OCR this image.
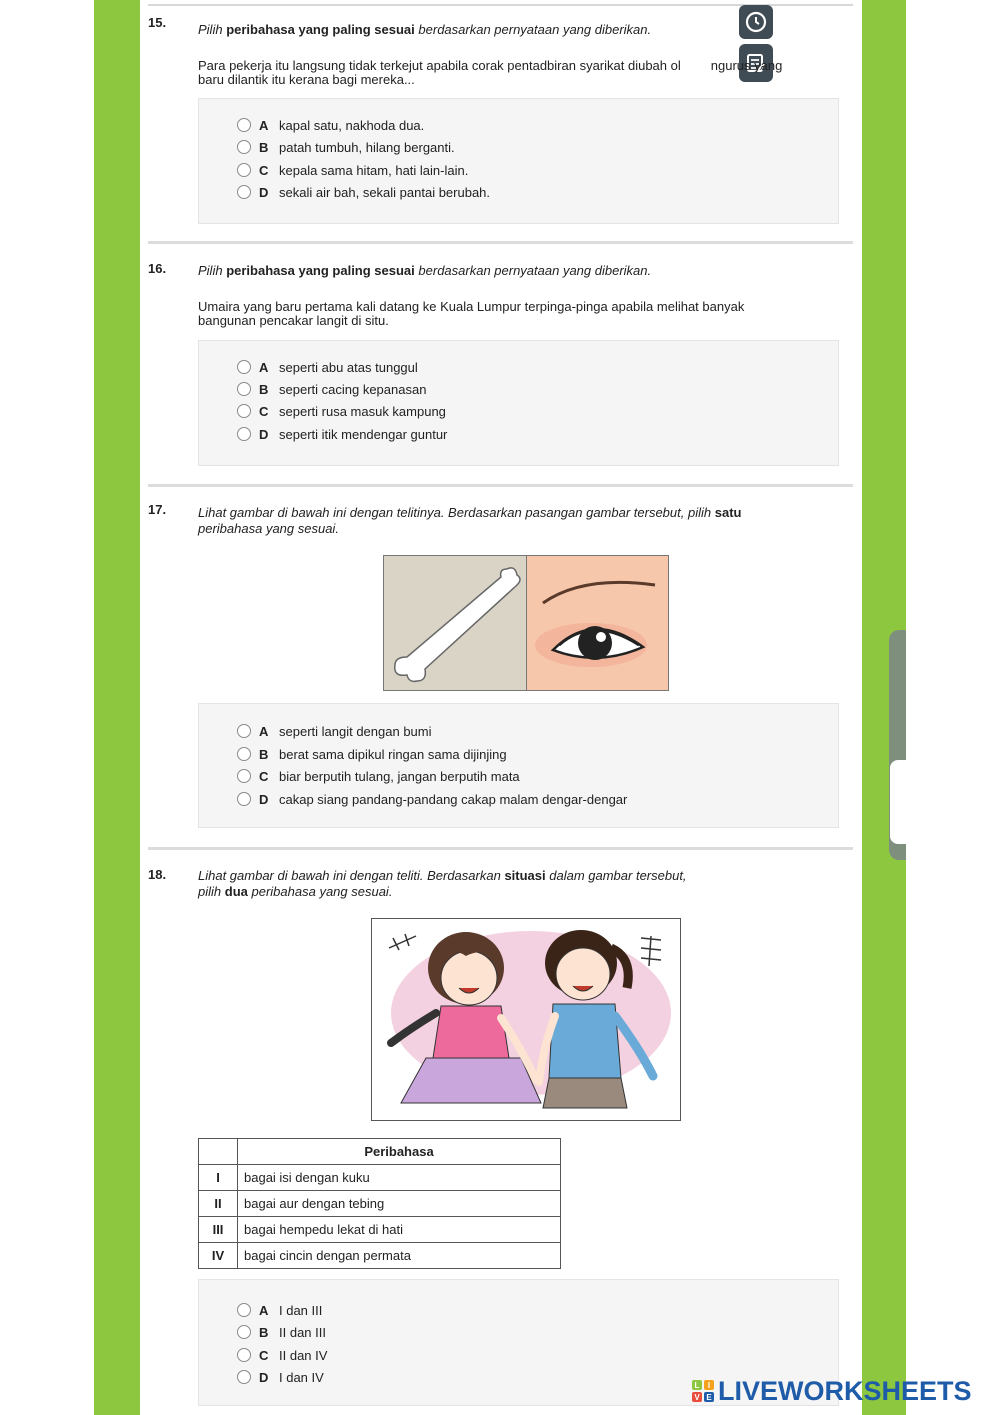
15. Pilih peribahasa yang paling sesuai berdasarkan pernyataan yang diberikan.
Para pekerja itu langsung tidak terkejut apabila corak pentadbiran syarikat diubah ol ngurus yang
baru dilantik itu kerana bagi mereka...
A kapal satu, nakhoda dua.
B patah tumbuh, hilang berganti.
C kepala sama hitam, hati lain-lain.
D sekali air bah, sekali pantai berubah.
16. Pilih peribahasa yang paling sesuai berdasarkan pernyataan yang diberikan.
Umaira yang baru pertama kali datang ke Kuala Lumpur terpinga-pinga apabila melihat banyak
bangunan pencakar langit di situ.
A seperti abu atas tunggul
B seperti cacing kepanasan
C seperti rusa masuk kampung
D seperti itik mendengar guntur
17. Lihat gambar di bawah ini dengan telitinya. Berdasarkan pasangan gambar tersebut, pilih satu
peribahasa yang sesuai.
A seperti langit dengan bumi
B berat sama dipikul ringan sama dijinjing
C biar berputih tulang, jangan berputih mata
D cakap siang pandang-pandang cakap malam dengar-dengar
18. Lihat gambar di bawah ini dengan teliti. Berdasarkan situasi dalam gambar tersebut,
pilih dua peribahasa yang sesuai.
	Peribahasa
I	bagai isi dengan kuku
II	bagai aur dengan tebing
III	bagai hempedu lekat di hati
IV	bagai cincin dengan permata
A I dan III
B II dan III
C II dan IV
D I dan IV
L	I
V E LIVEWORKSHEETS
